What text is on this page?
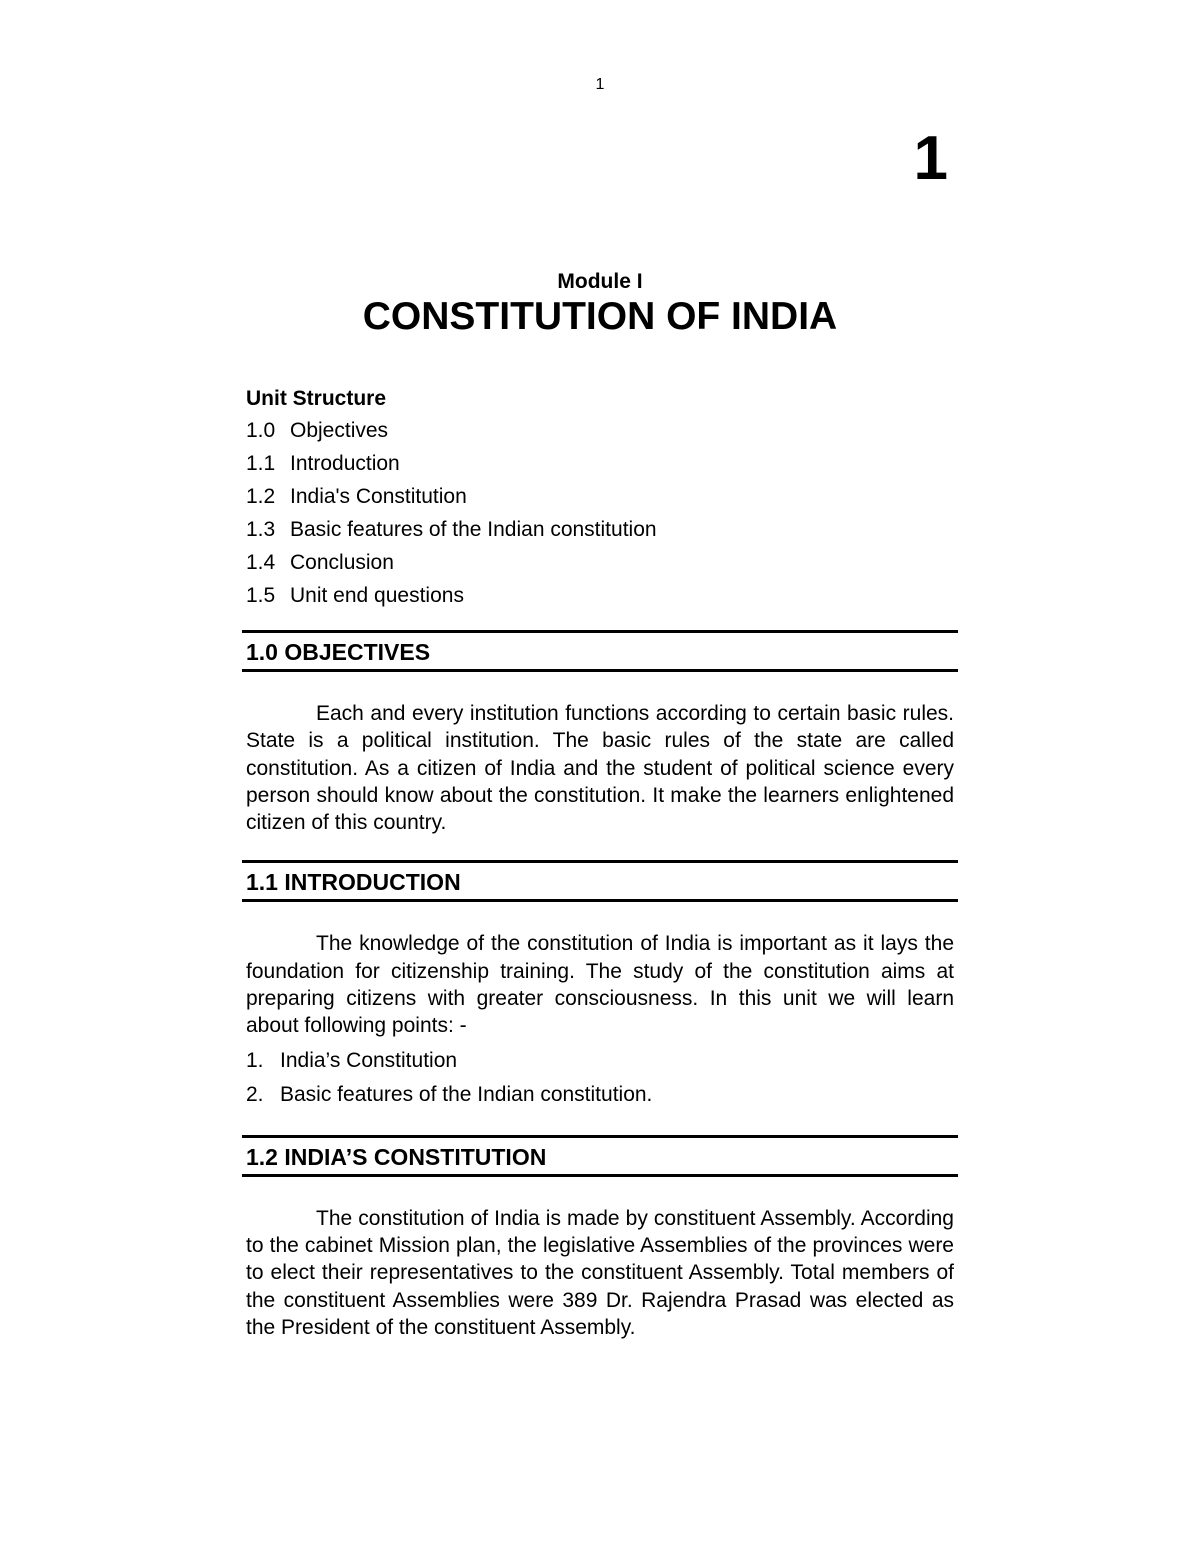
1
1
Module I
CONSTITUTION OF INDIA
Unit Structure
1.0 Objectives
1.1 Introduction
1.2 India's Constitution
1.3 Basic features of the Indian constitution
1.4 Conclusion
1.5 Unit end questions
1.0 OBJECTIVES

Each and every institution functions according to certain basic rules. State is a political institution. The basic rules of the state are called constitution. As a citizen of India and the student of political science every person should know about the constitution. It make the learners enlightened citizen of this country.

1.1 INTRODUCTION

The knowledge of the constitution of India is important as it lays the foundation for citizenship training. The study of the constitution aims at preparing citizens with greater consciousness. In this unit we will learn about following points: -

1. India’s Constitution
2. Basic features of the Indian constitution.
1.2 INDIA’S CONSTITUTION

The constitution of India is made by constituent Assembly. According to the cabinet Mission plan, the legislative Assemblies of the provinces were to elect their representatives to the constituent Assembly. Total members of the constituent Assemblies were 389 Dr. Rajendra Prasad was elected as the President of the constituent Assembly.
